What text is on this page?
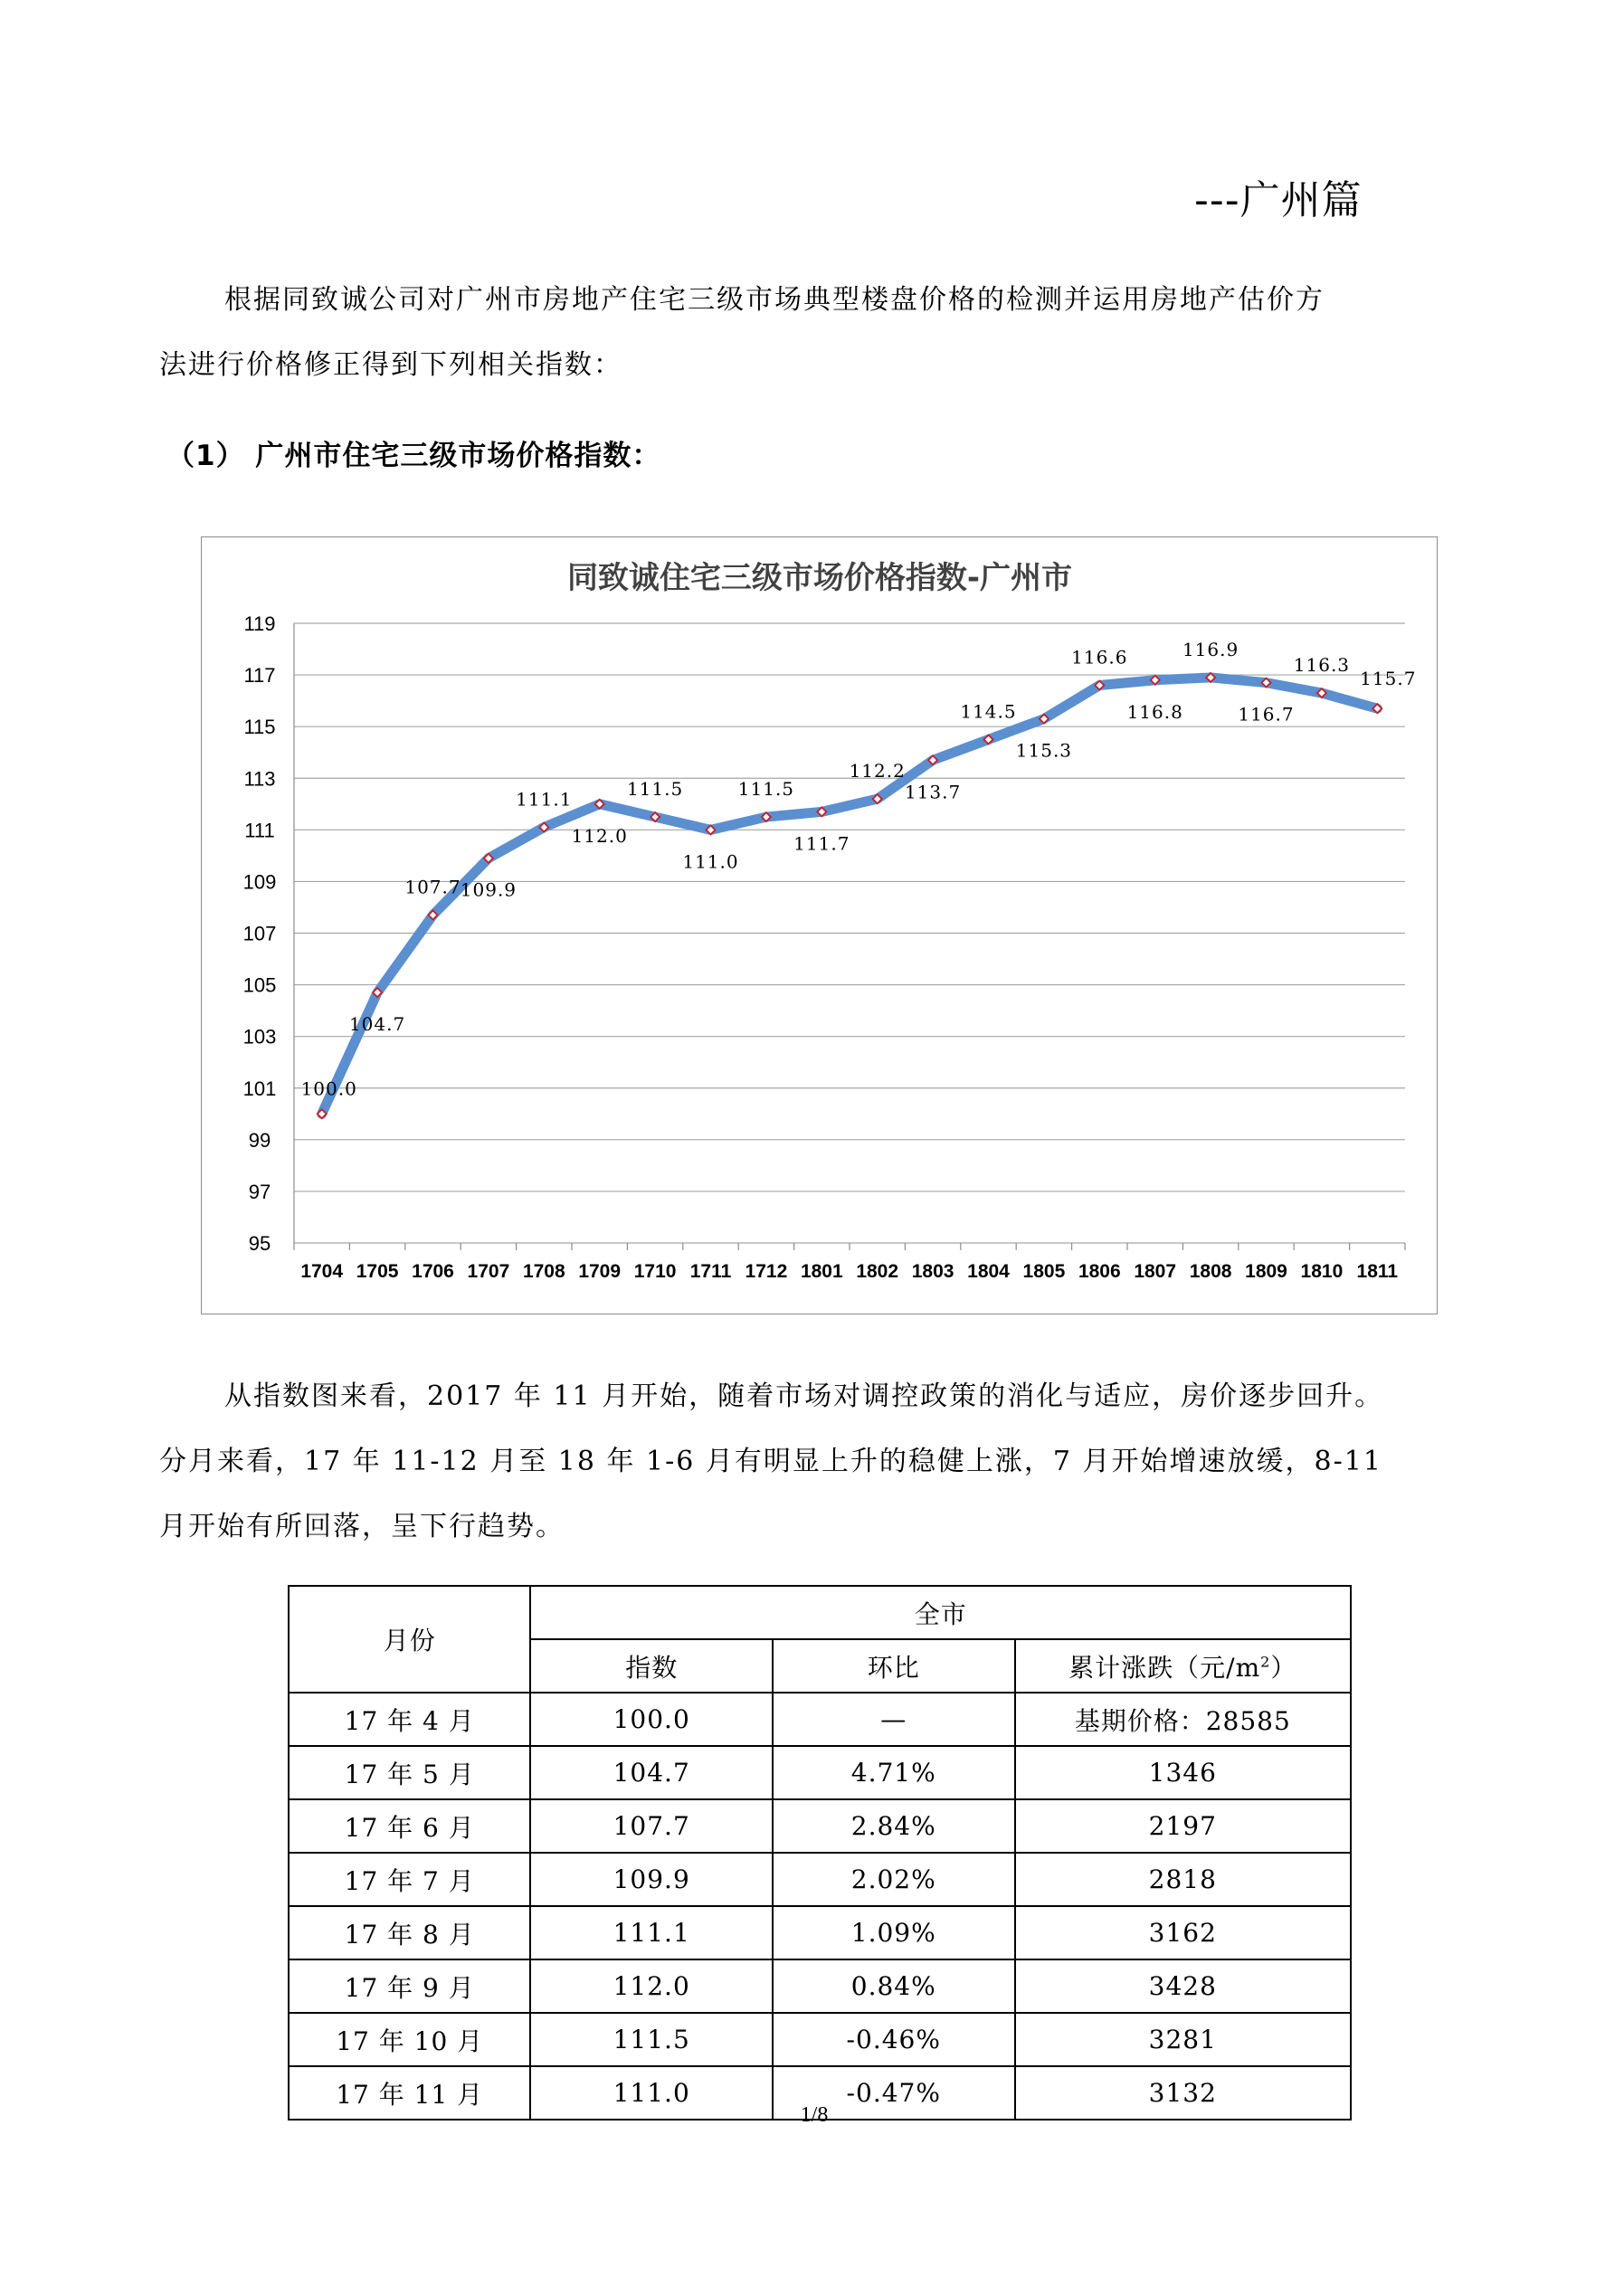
---广州篇
根据同致诚公司对广州市房地产住宅三级市场典型楼盘价格的检测并运用房地产估价方
法进行价格修正得到下列相关指数：
（1） 广州市住宅三级市场价格指数：
同致诚住宅三级市场价格指数-广州市
95
97
99
101
103
105
107
109
111
113
115
117
119
1704 1705 1706 1707 1708 1709 1710 1711 1712 1801 1802 1803 1804 1805 1806 1807 1808 1809 1810 1811
100.0
104.7
107.7 109.9
111.1
112.0
111.5
111.0
111.5
111.7
112.2
113.7
114.5
115.3
116.6
116.8
116.9
116.7
116.3
115.7
从指数图来看，2017 年 11 月开始，随着市场对调控政策的消化与适应，房价逐步回升。
分月来看，17 年 11-12 月至 18 年 1-6 月有明显上升的稳健上涨，7 月开始增速放缓，8-11
月开始有所回落，呈下行趋势。
月份	全市		
	指数	环比	累计涨跌（元$/m^2$）
17 年 4 月	100.0	—	基期价格：28585
17 年 5 月	104.7	4.71%	1346
17 年 6 月	107.7	2.84%	2197
17 年 7 月	109.9	2.02%	2818
17 年 8 月	111.1	1.09%	3162
17 年 9 月	112.0	0.84%	3428
17 年 10 月	111.5	-0.46%	3281
17 年 11 月	111.0	-0.47%	3132
1/8
